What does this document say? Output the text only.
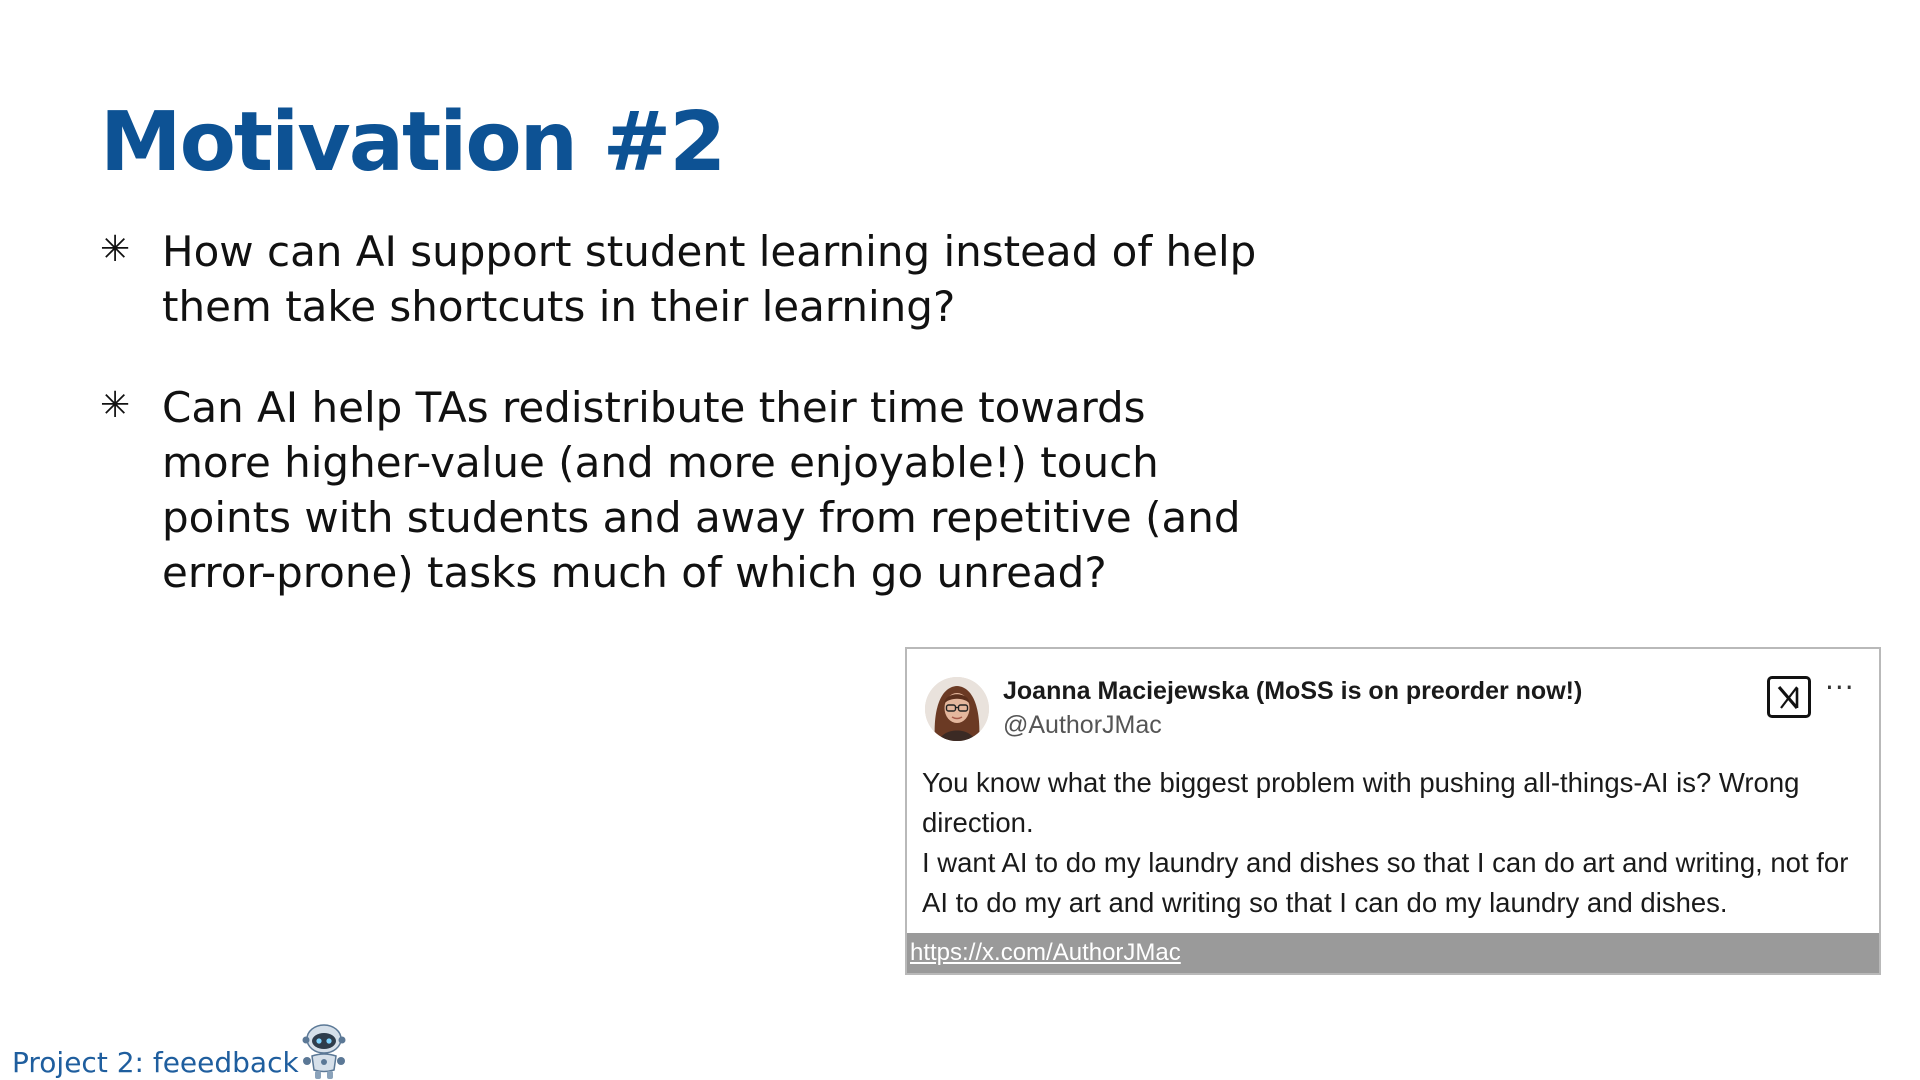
Motivation #2
✳ How can AI support student learning instead of help them take shortcuts in their learning?
✳ Can AI help TAs redistribute their time towards more higher-value (and more enjoyable!) touch points with students and away from repetitive (and error-prone) tasks much of which go unread?
Joanna Maciejewska (MoSS is on preorder now!)
@AuthorJMac
···

You know what the biggest problem with pushing all-things-AI is? Wrong direction.

I want AI to do my laundry and dishes so that I can do art and writing, not for AI to do my art and writing so that I can do my laundry and dishes.

https://x.com/AuthorJMac
Project 2: feeedback
